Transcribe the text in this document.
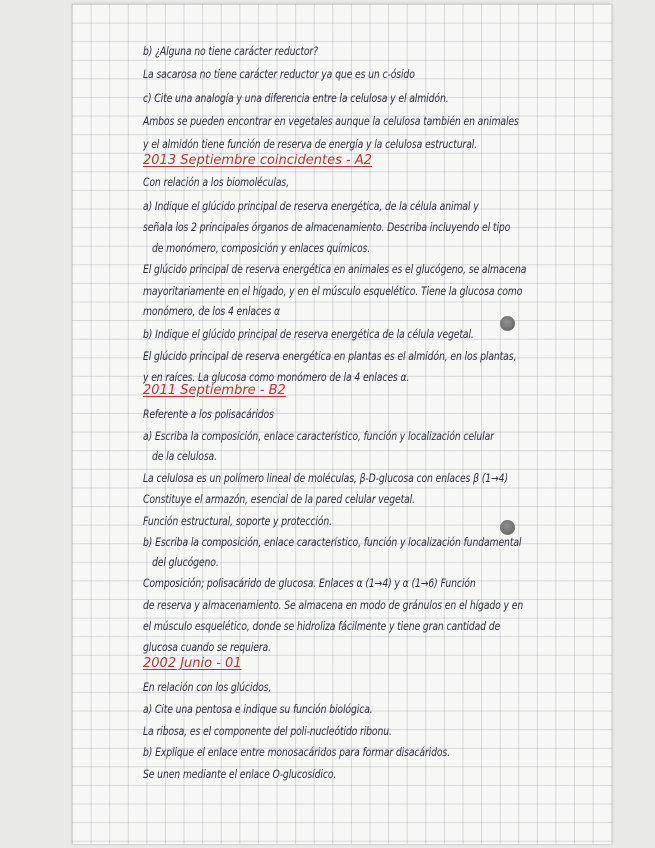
b) ¿Alguna no tiene carácter reductor?
La sacarosa no tiene carácter reductor ya que es un c-ósido
c) Cite una analogía y una diferencia entre la celulosa y el almidón.
Ambos se pueden encontrar en vegetales aunque la celulosa también en animales
y el almidón tiene función de reserva de energía y la celulosa estructural.
2013 Septiembre coincidentes - A2
Con relación a los biomoléculas,
a) Indique el glúcido principal de reserva energética, de la célula animal y
señala los 2 principales órganos de almacenamiento. Describa incluyendo el tipo
de monómero, composición y enlaces químicos.
El glúcido principal de reserva energética en animales es el glucógeno, se almacena
mayoritariamente en el hígado, y en el músculo esquelético. Tiene la glucosa como
monómero, de los 4 enlaces α
b) Indique el glúcido principal de reserva energética de la célula vegetal.
El glúcido principal de reserva energética en plantas es el almidón, en los plantas,
y en raíces. La glucosa como monómero de la 4 enlaces α.
2011 Septiembre - B2
Referente a los polisacáridos
a) Escriba la composición, enlace característico, función y localización celular
de la celulosa.
La celulosa es un polímero lineal de moléculas, β-D-glucosa con enlaces β (1→4)
Constituye el armazón, esencial de la pared celular vegetal.
Función estructural, soporte y protección.
b) Escriba la composición, enlace característico, función y localización fundamental
del glucógeno.
Composición; polisacárido de glucosa. Enlaces α (1→4) y α (1→6) Función
de reserva y almacenamiento. Se almacena en modo de gránulos en el hígado y en
el músculo esquelético, donde se hidroliza fácilmente y tiene gran cantidad de
glucosa cuando se requiera.
2002 Junio - 01
En relación con los glúcidos,
a) Cite una pentosa e indique su función biológica.
La ribosa, es el componente del poli-nucleótido ribonu.
b) Explique el enlace entre monosacáridos para formar disacáridos.
Se unen mediante el enlace O-glucosídico.
